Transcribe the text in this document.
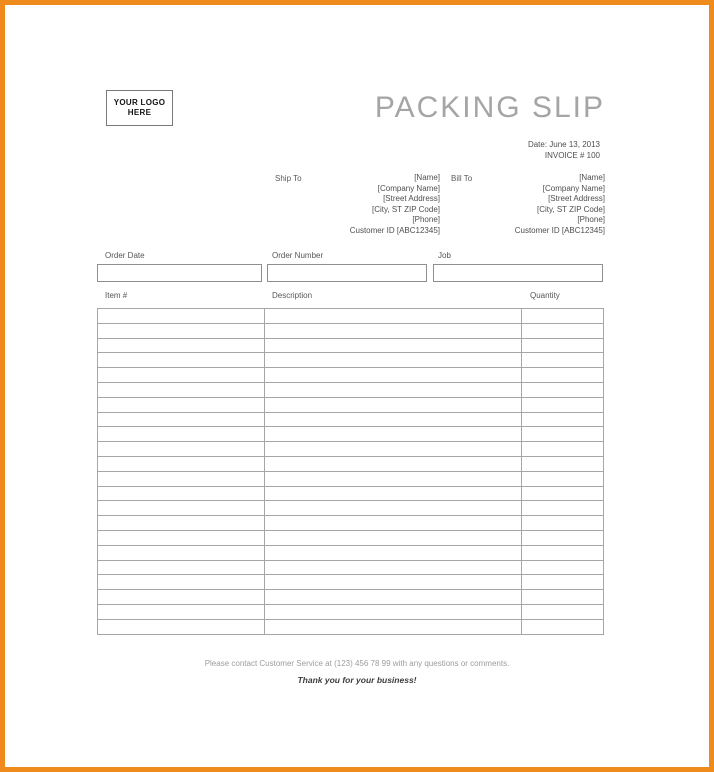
YOUR LOGO
HERE	PACKING SLIP
Date: June 13, 2013
INVOICE # 100
Ship To	[Name]
[Company Name]
[Street Address]
[City, ST ZIP Code]
[Phone]
Customer ID [ABC12345]
Bill To	[Name]
[Company Name]
[Street Address]
[City, ST ZIP Code]
[Phone]
Customer ID [ABC12345]
Order Date	Order Number	Job
Item #	Description	Quantity
Please contact Customer Service at (123) 456 78 99 with any questions or comments.
Thank you for your business!
